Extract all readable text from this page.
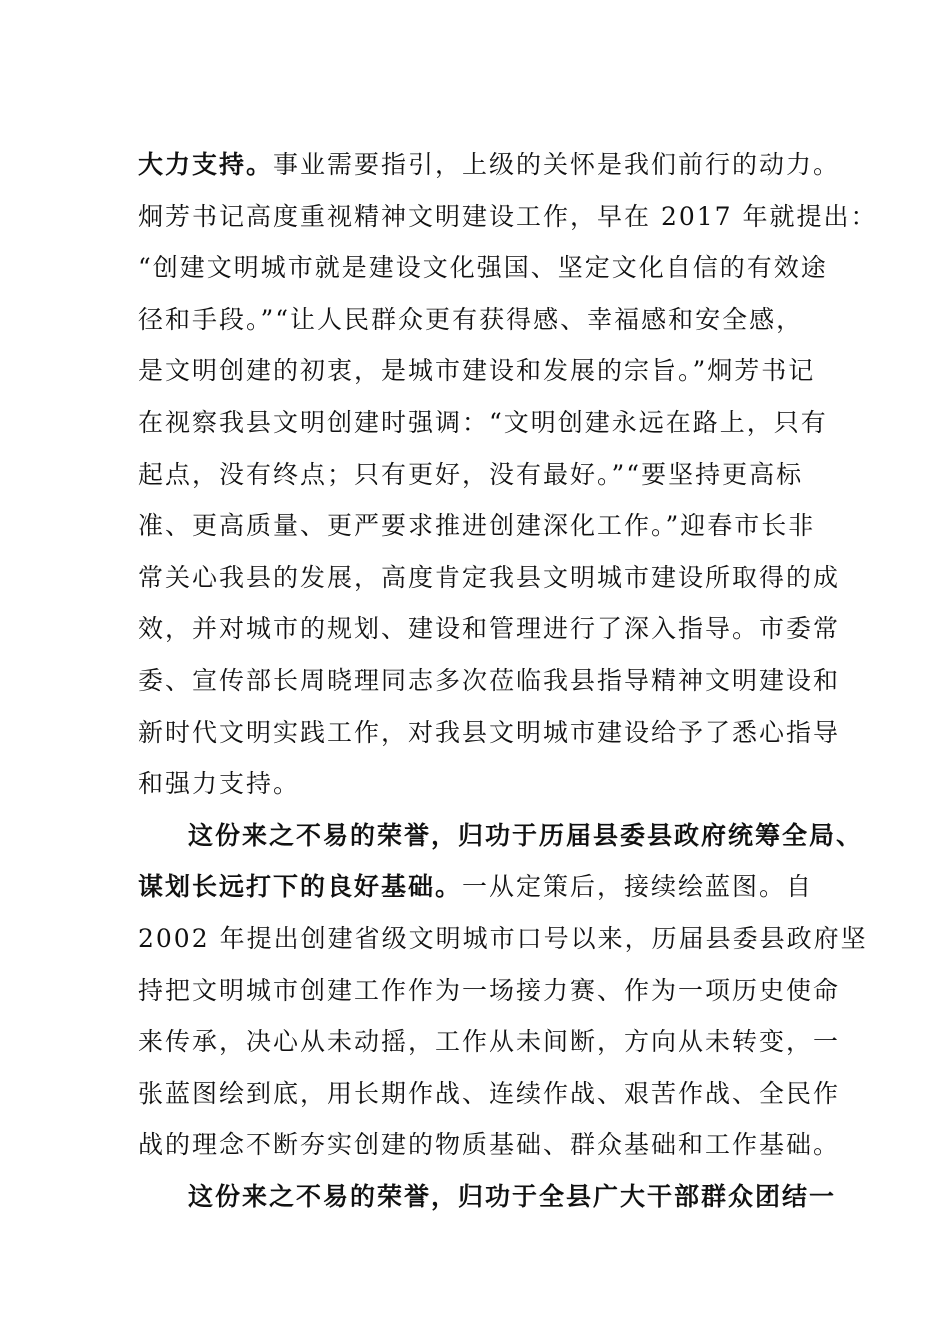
大力支持。事业需要指引，上级的关怀是我们前行的动力。
炯芳书记高度重视精神文明建设工作，早在 2017 年就提出：
“创建文明城市就是建设文化强国、坚定文化自信的有效途
径和手段。”“让人民群众更有获得感、幸福感和安全感，
是文明创建的初衷，是城市建设和发展的宗旨。”炯芳书记
在视察我县文明创建时强调：“文明创建永远在路上，只有
起点，没有终点；只有更好，没有最好。”“要坚持更高标
准、更高质量、更严要求推进创建深化工作。”迎春市长非
常关心我县的发展，高度肯定我县文明城市建设所取得的成
效，并对城市的规划、建设和管理进行了深入指导。市委常
委、宣传部长周晓理同志多次莅临我县指导精神文明建设和
新时代文明实践工作，对我县文明城市建设给予了悉心指导
和强力支持。
这份来之不易的荣誉，归功于历届县委县政府统筹全局、
谋划长远打下的良好基础。一从定策后，接续绘蓝图。自
2002 年提出创建省级文明城市口号以来，历届县委县政府坚
持把文明城市创建工作作为一场接力赛、作为一项历史使命
来传承，决心从未动摇，工作从未间断，方向从未转变，一
张蓝图绘到底，用长期作战、连续作战、艰苦作战、全民作
战的理念不断夯实创建的物质基础、群众基础和工作基础。
这份来之不易的荣誉，归功于全县广大干部群众团结一
